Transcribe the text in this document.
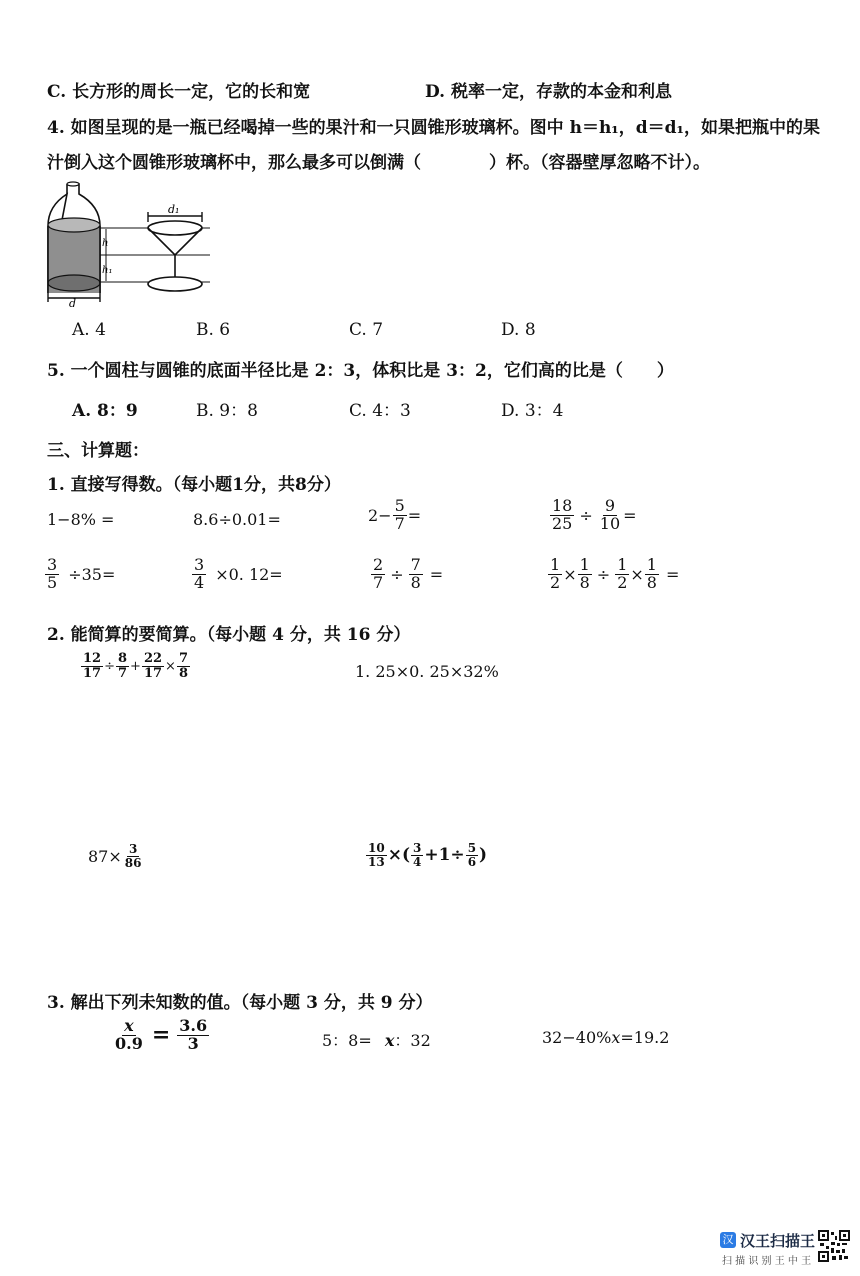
C. 长方形的周长一定，它的长和宽	D. 税率一定，存款的本金和利息
4. 如图呈现的是一瓶已经喝掉一些的果汁和一只圆锥形玻璃杯。图中 h＝h₁，d＝d₁，如果把瓶中的果
汁倒入这个圆锥形玻璃杯中，那么最多可以倒满（　　　　）杯。（容器壁厚忽略不计）。
d₁
h
h₁
d
A. 4	B. 6	C. 7	D. 8
5. 一个圆柱与圆锥的底面半径比是 2：3，体积比是 3：2，它们高的比是（　　）
A. 8：9	B. 9：8	C. 4：3	D. 3：4
三、计算题：
1. 直接写得数。（每小题1分，共8分）
1−8% =	8.6÷0.01=	$2- \frac{5}{7}$ =	$\frac{18}{25} \div \frac{9}{10}$ =
$\frac{3}{5} \div 35=$	$\frac{3}{4} \times 0$. 12=	$\frac{2}{7} \div \frac{7}{8}$ =	$\frac{1}{2} \times \frac{1}{8} \div \frac{1}{2} \times \frac{1}{8}$ =
2. 能简算的要简算。（每小题 4 分，共 16 分）
$\frac{12}{17} \div \frac{8}{7} + \frac{22}{17} \times \frac{7}{8}$	1. 25×0. 25×32%
$87\times \frac{3}{86}$	$\frac{10}{13}$ ×( $\frac{3}{4} +1\div \frac{5}{6}$ )
3. 解出下列未知数的值。（每小题 3 分，共 9 分）
$\frac{x}{0.9} = \frac{3.6}{3}$	5：8= x：32	32−40%x=19.2
汉 汉王扫描王
扫 描 识 别 王 中 王
